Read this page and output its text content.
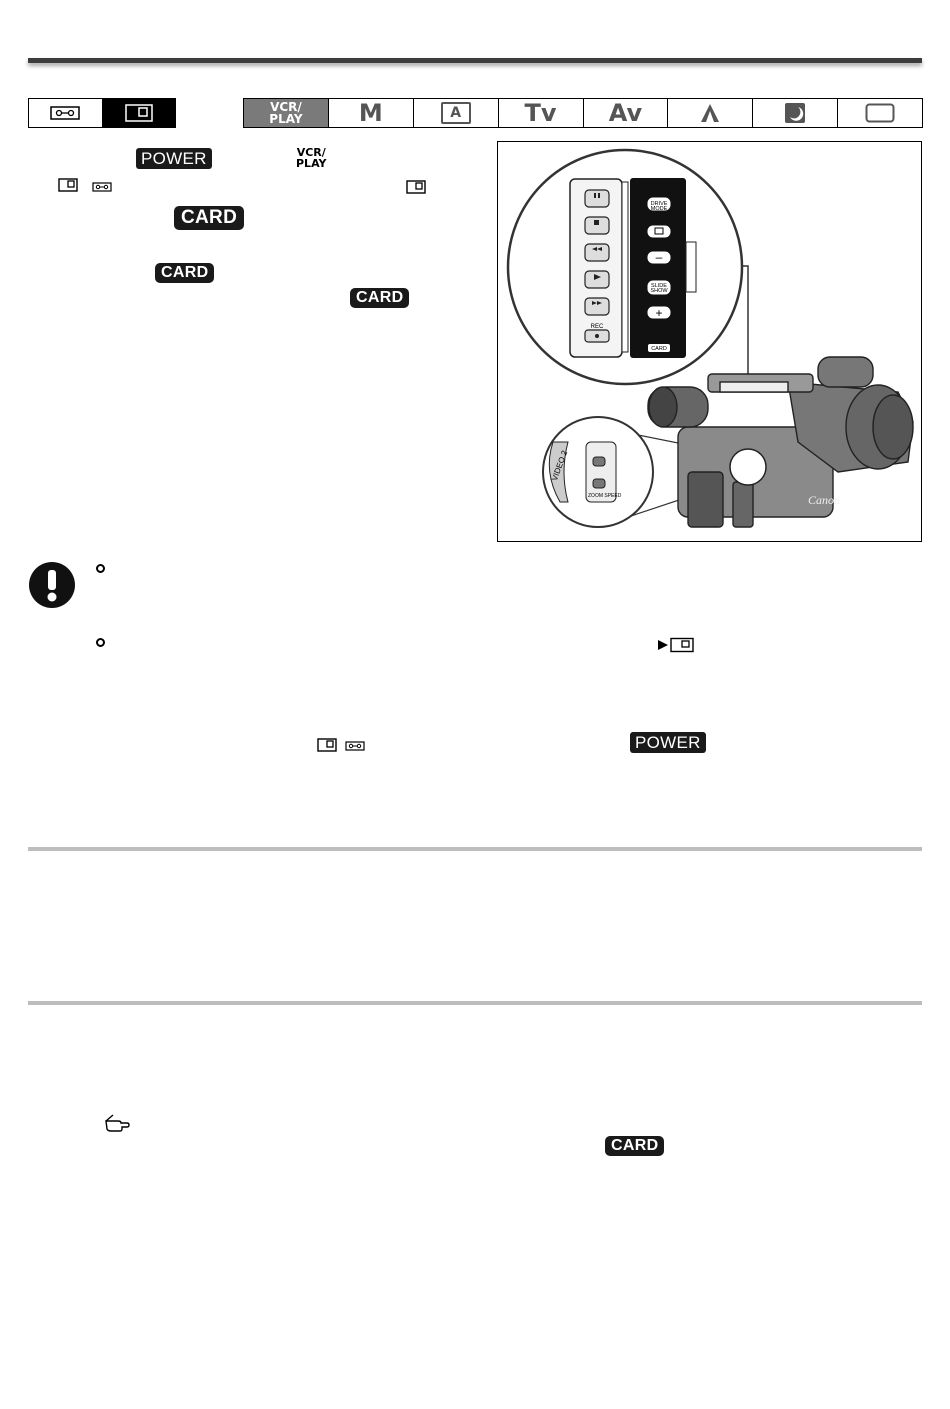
VCR/
PLAY	M	A	Tv	Av
POWER	VCR/
PLAY
CARD
CARD
CARD
REC
DRIVE
MODE
–
SLIDE
SHOW
+
CARD
Canon
VIDEO 2
ZOOM SPEED
POWER
CARD
